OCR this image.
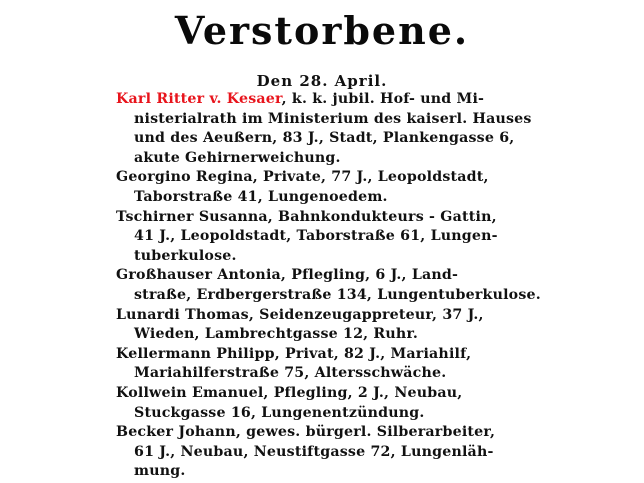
Verstorbene.
Den 28. April.
Karl Ritter v. Kesaer, k. k. jubil. Hof- und Mi-
nisterialrath im Ministerium des kaiserl. Hauses
und des Aeußern, 83 J., Stadt, Plankengasse 6,
akute Gehirnerweichung.
Georgino Regina, Private, 77 J., Leopoldstadt,
Taborstraße 41, Lungenoedem.
Tschirner Susanna, Bahnkondukteurs - Gattin,
41 J., Leopoldstadt, Taborstraße 61, Lungen-
tuberkulose.
Großhauser Antonia, Pflegling, 6 J., Land-
straße, Erdbergerstraße 134, Lungentuberkulose.
Lunardi Thomas, Seidenzeugappreteur, 37 J.,
Wieden, Lambrechtgasse 12, Ruhr.
Kellermann Philipp, Privat, 82 J., Mariahilf,
Mariahilferstraße 75, Altersschwäche.
Kollwein Emanuel, Pflegling, 2 J., Neubau,
Stuckgasse 16, Lungenentzündung.
Becker Johann, gewes. bürgerl. Silberarbeiter,
61 J., Neubau, Neustiftgasse 72, Lungenläh-
mung.
